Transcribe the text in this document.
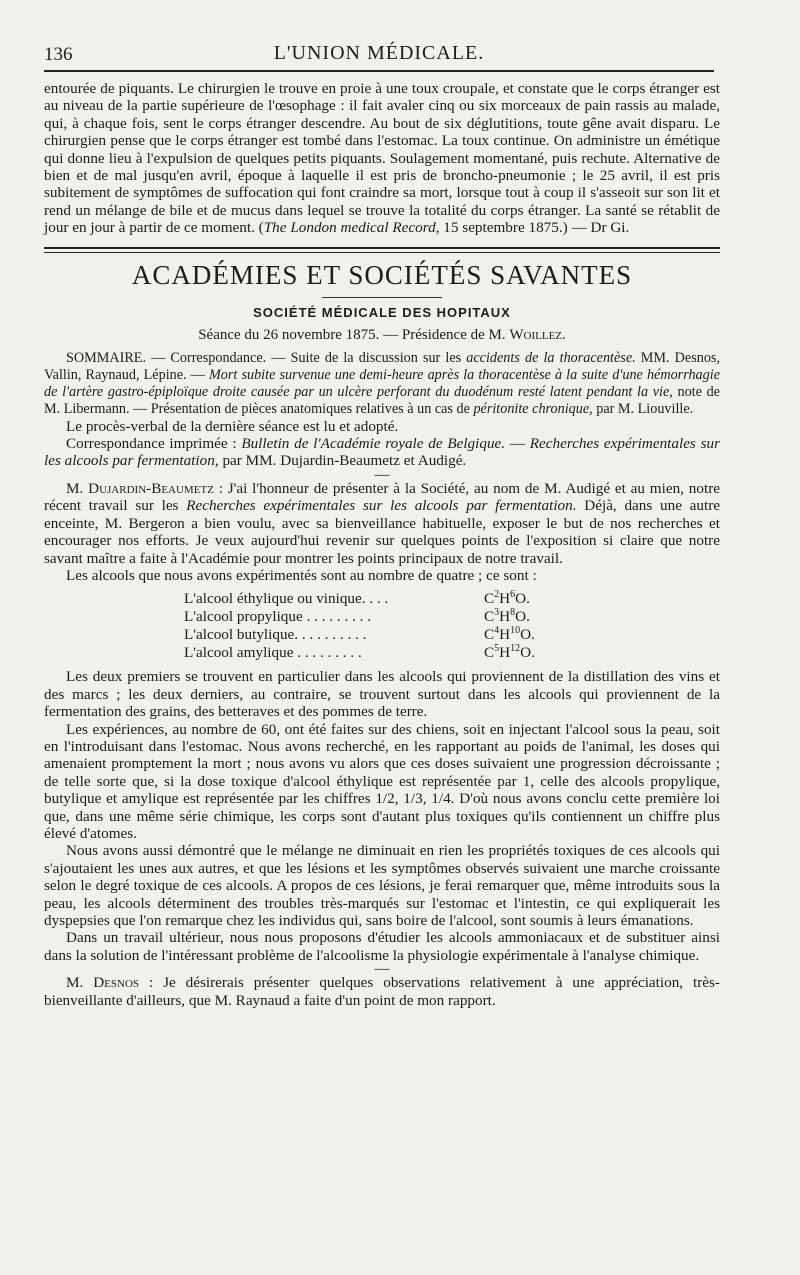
136	L'UNION MÉDICALE.

entourée de piquants. Le chirurgien le trouve en proie à une toux croupale, et constate que le corps étranger est au niveau de la partie supérieure de l'œsophage : il fait avaler cinq ou six morceaux de pain rassis au malade, qui, à chaque fois, sent le corps étranger descendre. Au bout de six déglutitions, toute gêne avait disparu. Le chirurgien pense que le corps étranger est tombé dans l'estomac. La toux continue. On administre un émétique qui donne lieu à l'expulsion de quelques petits piquants. Soulagement momentané, puis rechute. Alternative de bien et de mal jusqu'en avril, époque à laquelle il est pris de broncho-pneumonie ; le 25 avril, il est pris subitement de symptômes de suffocation qui font craindre sa mort, lorsque tout à coup il s'asseoit sur son lit et rend un mélange de bile et de mucus dans lequel se trouve la totalité du corps étranger. La santé se rétablit de jour en jour à partir de ce moment. (The London medical Record, 15 septembre 1875.) — Dr Gi.

ACADÉMIES ET SOCIÉTÉS SAVANTES
SOCIÉTÉ MÉDICALE DES HOPITAUX
Séance du 26 novembre 1875. — Présidence de M. Woillez.

SOMMAIRE. — Correspondance. — Suite de la discussion sur les accidents de la thoracentèse. MM. Desnos, Vallin, Raynaud, Lépine. — Mort subite survenue une demi-heure après la thoracentèse à la suite d'une hémorrhagie de l'artère gastro-épiploïque droite causée par un ulcère perforant du duodénum resté latent pendant la vie, note de M. Libermann. — Présentation de pièces anatomiques relatives à un cas de péritonite chronique, par M. Liouville.

Le procès-verbal de la dernière séance est lu et adopté.

Correspondance imprimée : Bulletin de l'Académie royale de Belgique. — Recherches expérimentales sur les alcools par fermentation, par MM. Dujardin-Beaumetz et Audigé.

—

M. Dujardin-Beaumetz : J'ai l'honneur de présenter à la Société, au nom de M. Audigé et au mien, notre récent travail sur les Recherches expérimentales sur les alcools par fermentation. Déjà, dans une autre enceinte, M. Bergeron a bien voulu, avec sa bienveillance habituelle, exposer le but de nos recherches et encourager nos efforts. Je veux aujourd'hui revenir sur quelques points de l'exposition si claire que notre savant maître a faite à l'Académie pour montrer les points principaux de notre travail.

Les alcools que nous avons expérimentés sont au nombre de quatre ; ce sont :

L'alcool éthylique ou vinique. . . .	$C^2H^6O$.
L'alcool propylique . . . . . . . . .	$C^3H^8O$.
L'alcool butylique. . . . . . . . . .	$C^4H^{10}O$.
L'alcool amylique . . . . . . . . .	$C^5H^{12}O$.

Les deux premiers se trouvent en particulier dans les alcools qui proviennent de la distillation des vins et des marcs ; les deux derniers, au contraire, se trouvent surtout dans les alcools qui proviennent de la fermentation des grains, des betteraves et des pommes de terre.

Les expériences, au nombre de 60, ont été faites sur des chiens, soit en injectant l'alcool sous la peau, soit en l'introduisant dans l'estomac. Nous avons recherché, en les rapportant au poids de l'animal, les doses qui amenaient promptement la mort ; nous avons vu alors que ces doses suivaient une progression décroissante ; de telle sorte que, si la dose toxique d'alcool éthylique est représentée par 1, celle des alcools propylique, butylique et amylique est représentée par les chiffres 1/2, 1/3, 1/4. D'où nous avons conclu cette première loi que, dans une même série chimique, les corps sont d'autant plus toxiques qu'ils contiennent un chiffre plus élevé d'atomes.

Nous avons aussi démontré que le mélange ne diminuait en rien les propriétés toxiques de ces alcools qui s'ajoutaient les unes aux autres, et que les lésions et les symptômes observés suivaient une marche croissante selon le degré toxique de ces alcools. A propos de ces lésions, je ferai remarquer que, même introduits sous la peau, les alcools déterminent des troubles très-marqués sur l'estomac et l'intestin, ce qui expliquerait les dyspepsies que l'on remarque chez les individus qui, sans boire de l'alcool, sont soumis à leurs émanations.

Dans un travail ultérieur, nous nous proposons d'étudier les alcools ammoniacaux et de substituer ainsi dans la solution de l'intéressant problème de l'alcoolisme la physiologie expérimentale à l'analyse chimique.

—

M. Desnos : Je désirerais présenter quelques observations relativement à une appréciation, très-bienveillante d'ailleurs, que M. Raynaud a faite d'un point de mon rapport.
